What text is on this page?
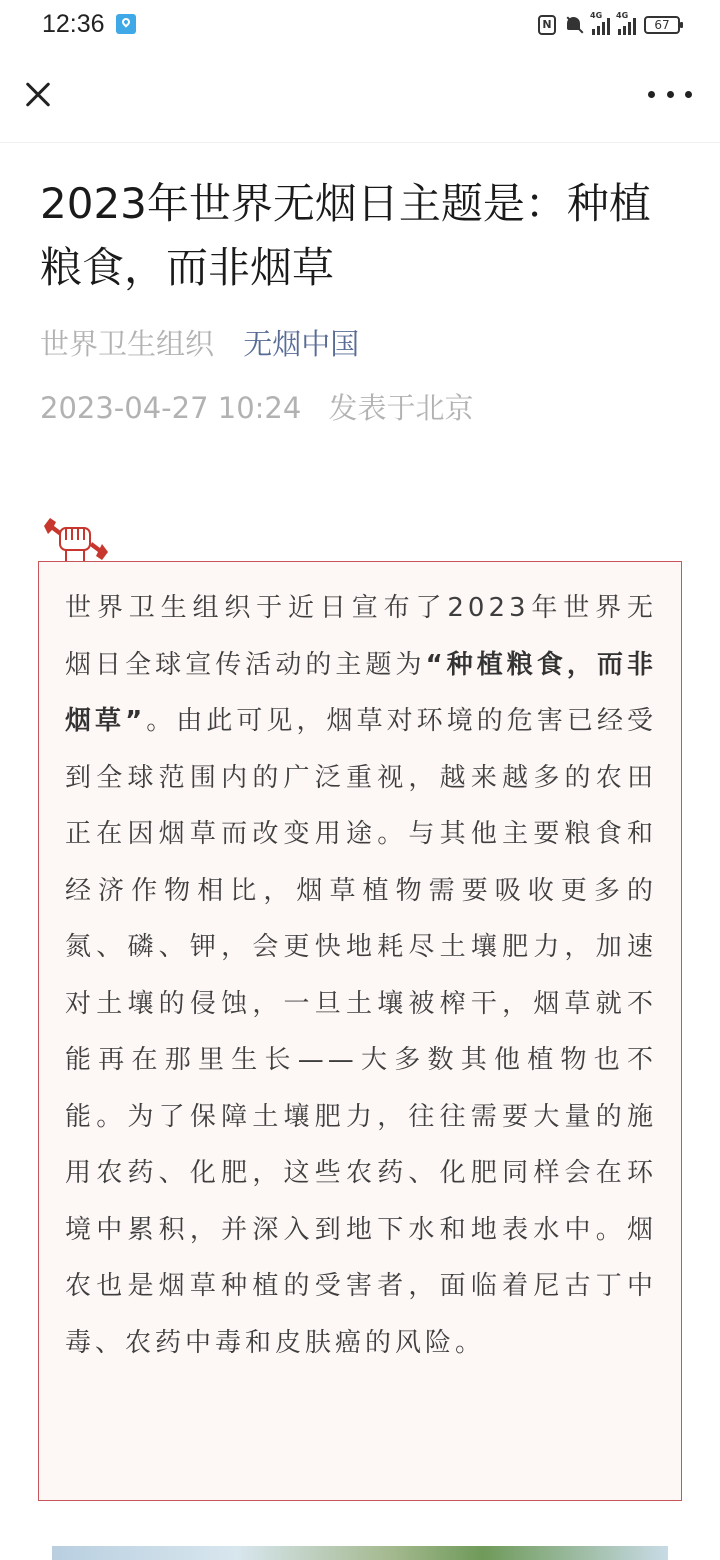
12:36	N
4G 4G
67
2023年世界无烟日主题是：种植粮食，而非烟草
世界卫生组织 无烟中国
2023-04-27 10:24 发表于北京

世界卫生组织于近日宣布了2023年世界无烟日全球宣传活动的主题为“种植粮食，而非烟草”。由此可见，烟草对环境的危害已经受到全球范围内的广泛重视，越来越多的农田正在因烟草而改变用途。与其他主要粮食和经济作物相比，烟草植物需要吸收更多的氮、磷、钾，会更快地耗尽土壤肥力，加速对土壤的侵蚀，一旦土壤被榨干，烟草就不能再在那里生长——大多数其他植物也不能。为了保障土壤肥力，往往需要大量的施用农药、化肥，这些农药、化肥同样会在环境中累积，并深入到地下水和地表水中。烟农也是烟草种植的受害者，面临着尼古丁中毒、农药中毒和皮肤癌的风险。
